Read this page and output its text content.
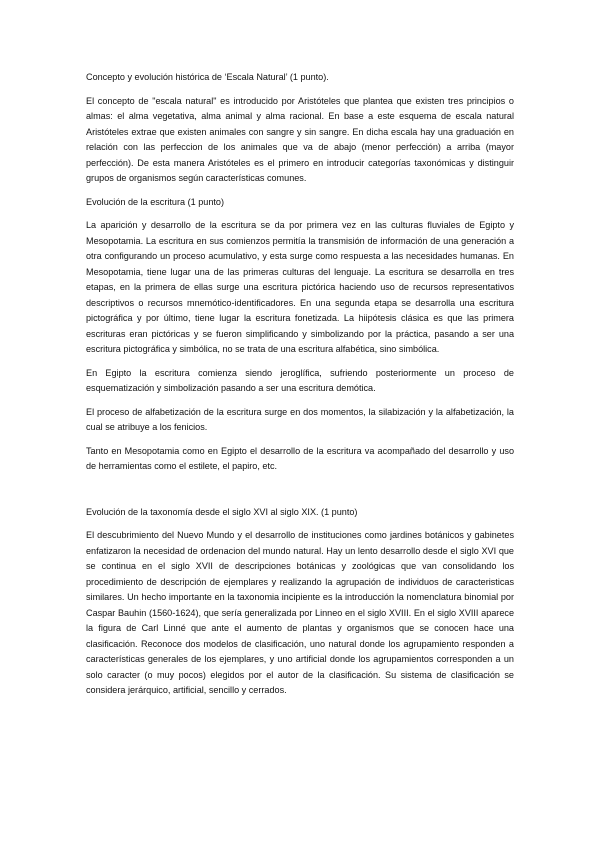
Concepto y evolución histórica de ‘Escala Natural’ (1 punto).

El concepto de "escala natural" es introducido por Aristóteles que plantea que existen tres principios o almas: el alma vegetativa, alma animal y alma racional. En base a este esquema de escala natural Aristóteles extrae que existen animales con sangre y sin sangre. En dicha escala hay una graduación en relación con las perfeccion de los animales que va de abajo (menor perfección) a arriba (mayor perfección). De esta manera Aristóteles es el primero en introducir categorías taxonómicas y distinguir grupos de organismos según características comunes.

Evolución de la escritura (1 punto)

La aparición y desarrollo de la escritura se da por primera vez en las culturas fluviales de Egipto y Mesopotamia. La escritura en sus comienzos permitía la transmisión de información de una generación a otra configurando un proceso acumulativo, y esta surge como respuesta a las necesidades humanas. En Mesopotamia, tiene lugar una de las primeras culturas del lenguaje. La escritura se desarrolla en tres etapas, en la primera de ellas surge una escritura pictórica haciendo uso de recursos representativos descriptivos o recursos mnemótico-identificadores. En una segunda etapa se desarrolla una escritura pictográfica y por último, tiene lugar la escritura fonetizada. La hiipótesis clásica es que las primera escrituras eran pictóricas y se fueron simplificando y simbolizando por la práctica, pasando a ser una escritura pictográfica y simbólica, no se trata de una escritura alfabética, sino simbólica.

En Egipto la escritura comienza siendo jeroglífica, sufriendo posteriormente un proceso de esquematización y simbolización pasando a ser una escritura demótica.

El proceso de alfabetización de la escritura surge en dos momentos, la silabización y la alfabetización, la cual se atribuye a los fenicios.

Tanto en Mesopotamia como en Egipto el desarrollo de la escritura va acompañado del desarrollo y uso de herramientas como el estilete, el papiro, etc.

Evolución de la taxonomía desde el siglo XVI al siglo XIX. (1 punto)

El descubrimiento del Nuevo Mundo y el desarrollo de instituciones como jardines botánicos y gabinetes enfatizaron la necesidad de ordenacion del mundo natural. Hay un lento desarrollo desde el siglo XVI que se continua en el siglo XVII de descripciones botánicas y zoológicas que van consolidando los procedimiento de descripción de ejemplares y realizando la agrupación de individuos de caracteristicas similares. Un hecho importante en la taxonomia incipiente es la introducción la nomenclatura binomial por Caspar Bauhin (1560-1624), que sería generalizada por Linneo en el siglo XVIII. En el siglo XVIII aparece la figura de Carl Linné que ante el aumento de plantas y organismos que se conocen hace una clasificación. Reconoce dos modelos de clasificación, uno natural donde los agrupamiento responden a características generales de los ejemplares, y uno artificial donde los agrupamientos corresponden a un solo caracter (o muy pocos) elegidos por el autor de la clasificación. Su sistema de clasificación se considera jerárquico, artificial, sencillo y cerrados.
